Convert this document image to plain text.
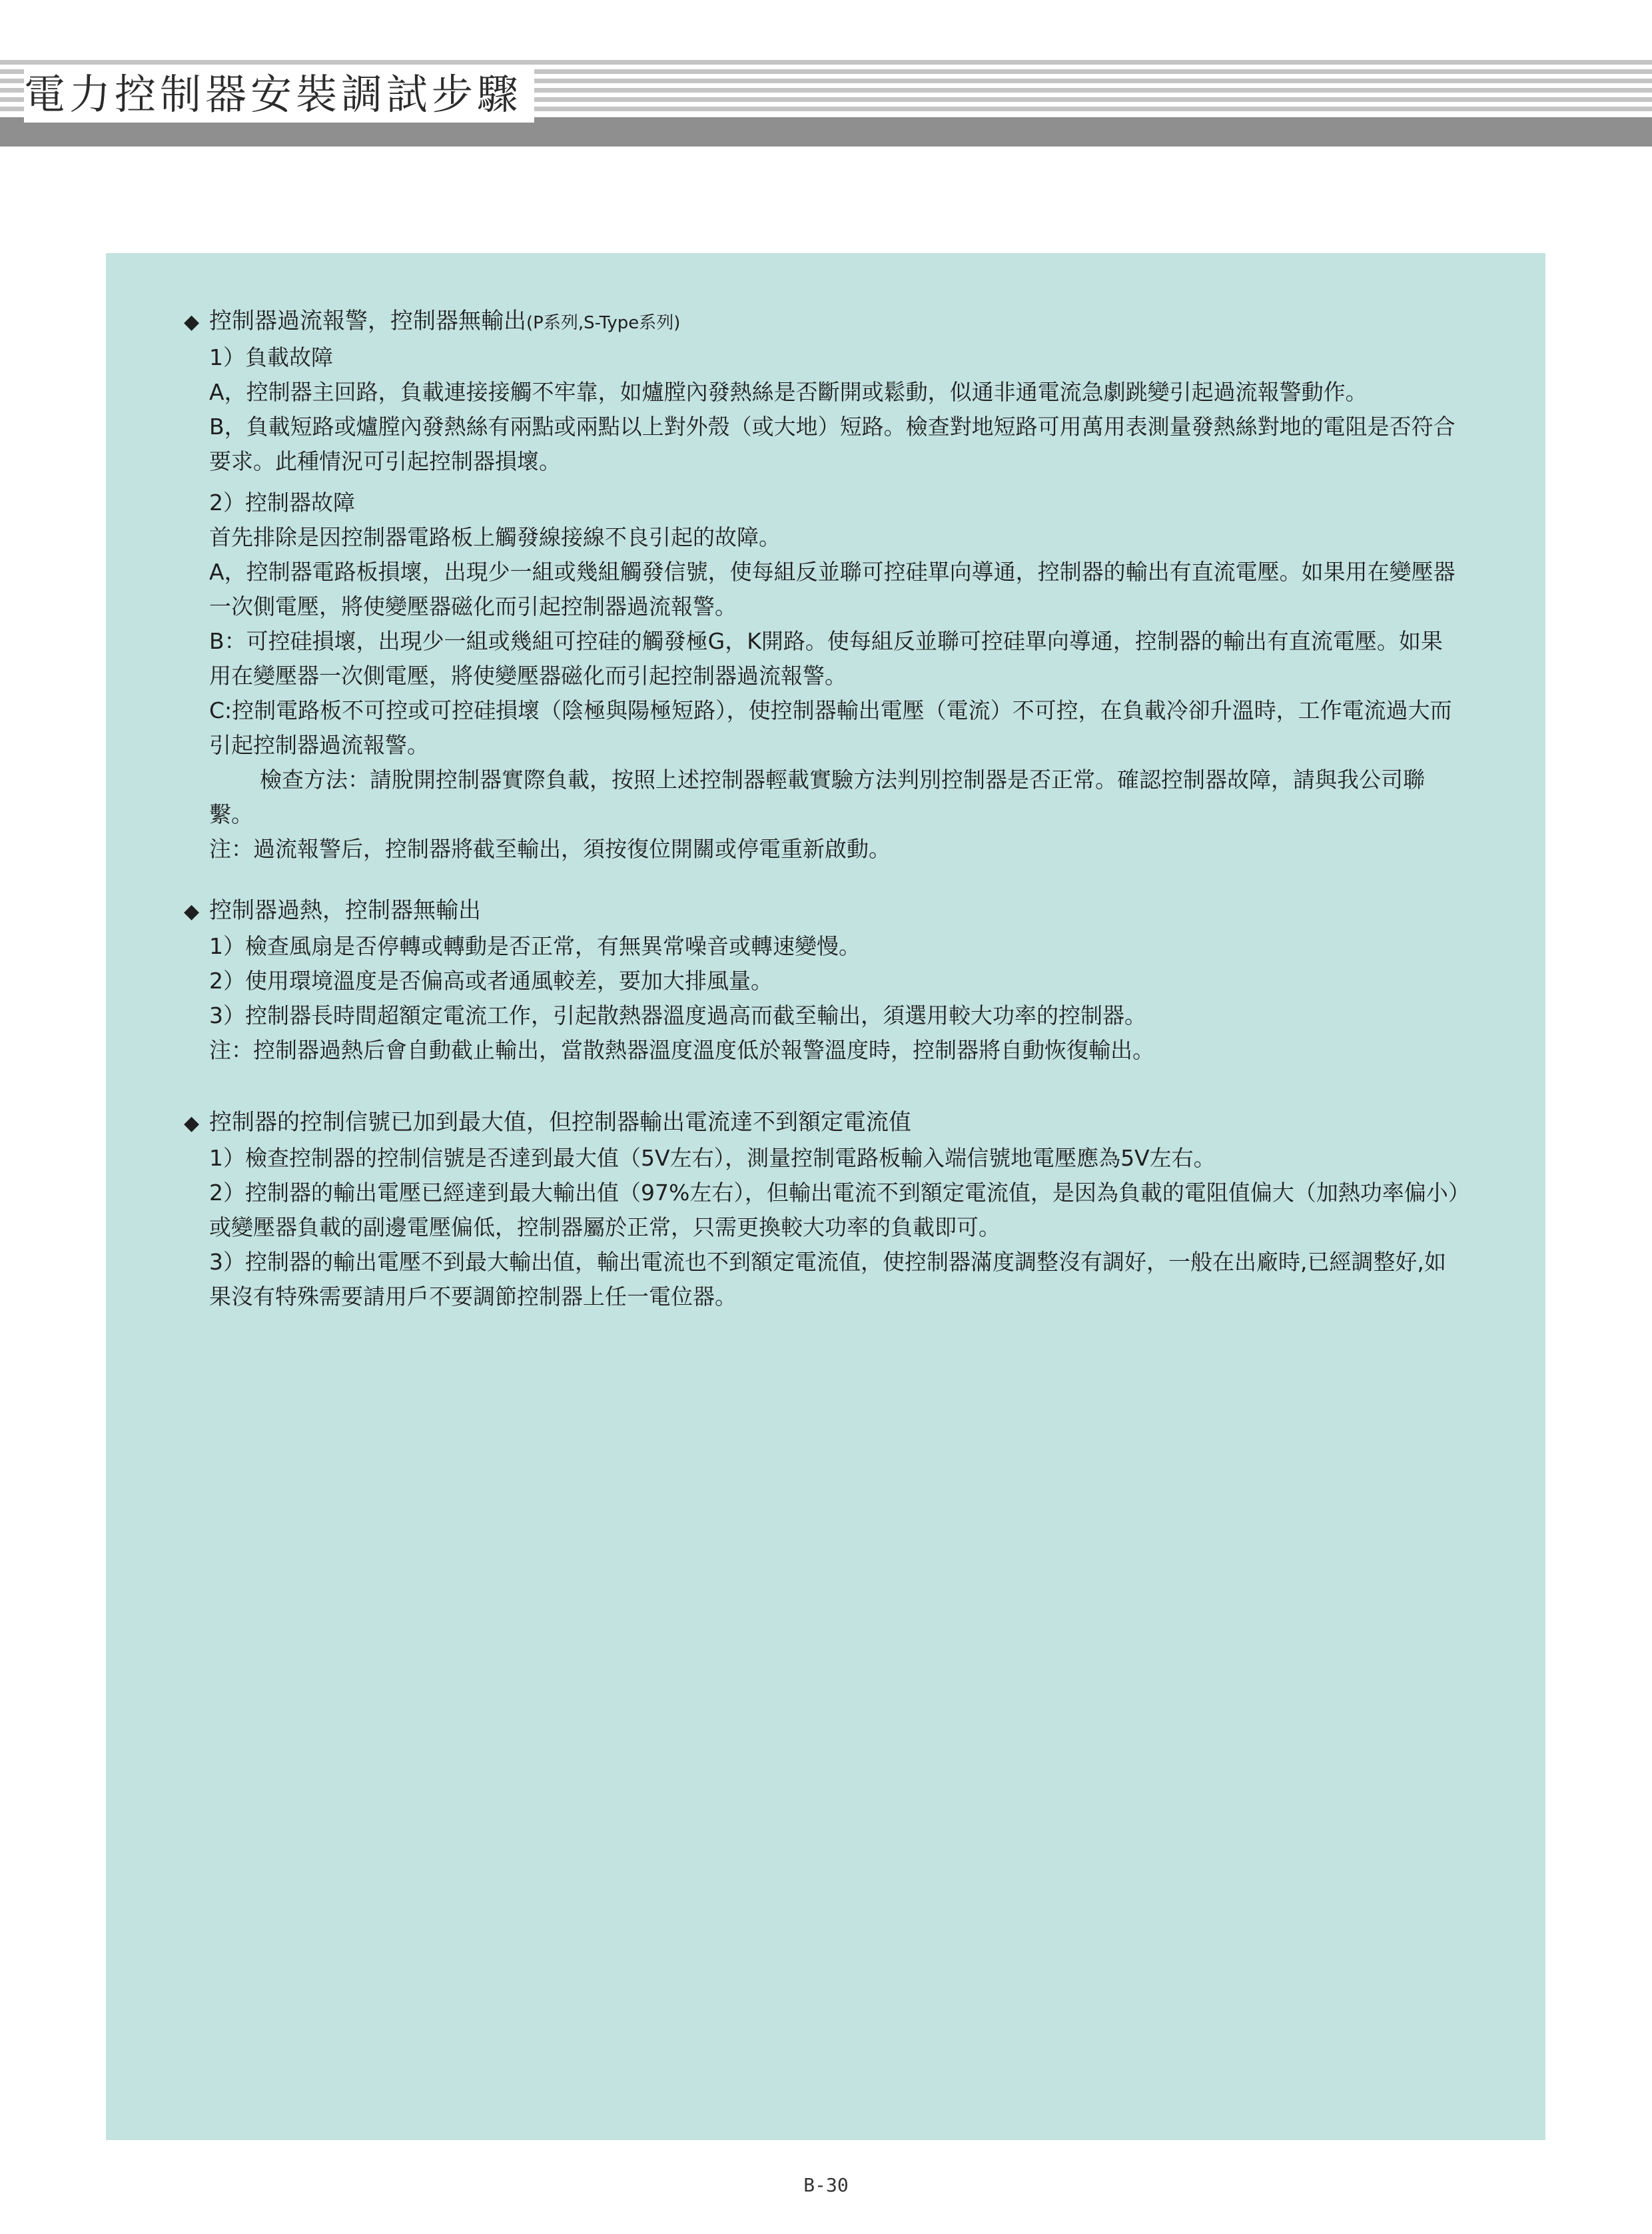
電力控制器安裝調試步驟
◆ 控制器過流報警，控制器無輸出 (P系列,S-Type系列)

1）負載故障

A，控制器主回路，負載連接接觸不牢靠，如爐膛內發熱絲是否斷開或鬆動，似通非通電流急劇跳變引起過流報警動作。

B，負載短路或爐膛內發熱絲有兩點或兩點以上對外殼（或大地）短路。檢查對地短路可用萬用表測量發熱絲對地的電阻是否符合要求。此種情況可引起控制器損壞。

2）控制器故障

首先排除是因控制器電路板上觸發線接線不良引起的故障。

A，控制器電路板損壞，出現少一組或幾組觸發信號，使每組反並聯可控硅單向導通，控制器的輸出有直流電壓。如果用在變壓器一次側電壓，將使變壓器磁化而引起控制器過流報警。

B：可控硅損壞，出現少一組或幾組可控硅的觸發極G，K開路。使每組反並聯可控硅單向導通，控制器的輸出有直流電壓。如果用在變壓器一次側電壓，將使變壓器磁化而引起控制器過流報警。

C:控制電路板不可控或可控硅損壞（陰極與陽極短路），使控制器輸出電壓（電流）不可控，在負載冷卻升溫時，工作電流過大而引起控制器過流報警。

檢查方法：請脫開控制器實際負載，按照上述控制器輕載實驗方法判別控制器是否正常。確認控制器故障，請與我公司聯繫。

注：過流報警后，控制器將截至輸出，須按復位開關或停電重新啟動。

◆ 控制器過熱，控制器無輸出

1）檢查風扇是否停轉或轉動是否正常，有無異常噪音或轉速變慢。

2）使用環境溫度是否偏高或者通風較差，要加大排風量。

3）控制器長時間超額定電流工作，引起散熱器溫度過高而截至輸出，須選用較大功率的控制器。

注：控制器過熱后會自動截止輸出，當散熱器溫度溫度低於報警溫度時，控制器將自動恢復輸出。

◆ 控制器的控制信號已加到最大值，但控制器輸出電流達不到額定電流值

1）檢查控制器的控制信號是否達到最大值（5V左右），測量控制電路板輸入端信號地電壓應為5V左右。

2）控制器的輸出電壓已經達到最大輸出值（97%左右），但輸出電流不到額定電流值，是因為負載的電阻值偏大（加熱功率偏小）或變壓器負載的副邊電壓偏低，控制器屬於正常，只需更換較大功率的負載即可。

3）控制器的輸出電壓不到最大輸出值，輸出電流也不到額定電流值，使控制器滿度調整沒有調好，一般在出廠時,已經調整好,如果沒有特殊需要請用戶不要調節控制器上任一電位器。

B-30
